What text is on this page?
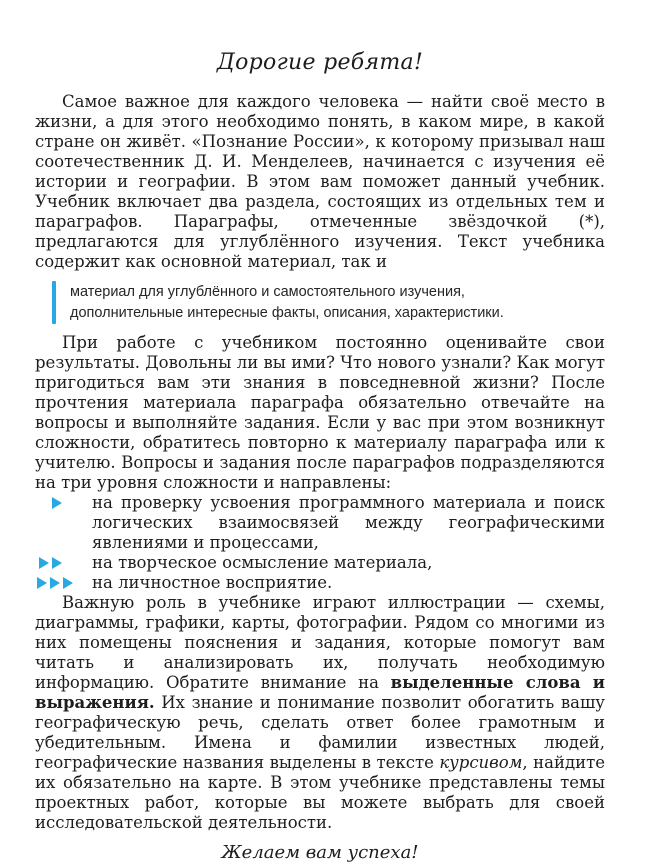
Дорогие ребята!

Самое важное для каждого человека — найти своё место в жизни, а для этого необходимо понять, в каком мире, в какой стране он живёт. «Познание России», к которому призывал наш соотечественник Д. И. Менделеев, начинается с изучения её истории и географии. В этом вам поможет данный учебник. Учебник включает два раздела, состоящих из отдельных тем и параграфов. Параграфы, отмеченные звёздочкой (*), предлагаются для углублённого изучения. Текст учебника содержит как основной материал, так и

материал для углублённого и самостоятельного изучения,
дополнительные интересные факты, описания, характеристики.

При работе с учебником постоянно оценивайте свои результаты. Довольны ли вы ими? Что нового узнали? Как могут пригодиться вам эти знания в повседневной жизни? После прочтения материала параграфа обязательно отвечайте на вопросы и выполняйте задания. Если у вас при этом возникнут сложности, обратитесь повторно к материалу параграфа или к учителю. Вопросы и задания после параграфов подразделяются на три уровня сложности и направлены:

на проверку усвоения программного материала и поиск логических взаимосвязей между географическими явлениями и процессами,
на творческое осмысление материала,
на личностное восприятие.

Важную роль в учебнике играют иллюстрации — схемы, диаграммы, графики, карты, фотографии. Рядом со многими из них помещены пояснения и задания, которые помогут вам читать и анализировать их, получать необходимую информацию. Обратите внимание на выделенные слова и выражения. Их знание и понимание позволит обогатить вашу географическую речь, сделать ответ более грамотным и убедительным. Имена и фамилии известных людей, географические названия выделены в тексте курсивом, найдите их обязательно на карте. В этом учебнике представлены темы проектных работ, которые вы можете выбрать для своей исследовательской деятельности.

Желаем вам успеха!
